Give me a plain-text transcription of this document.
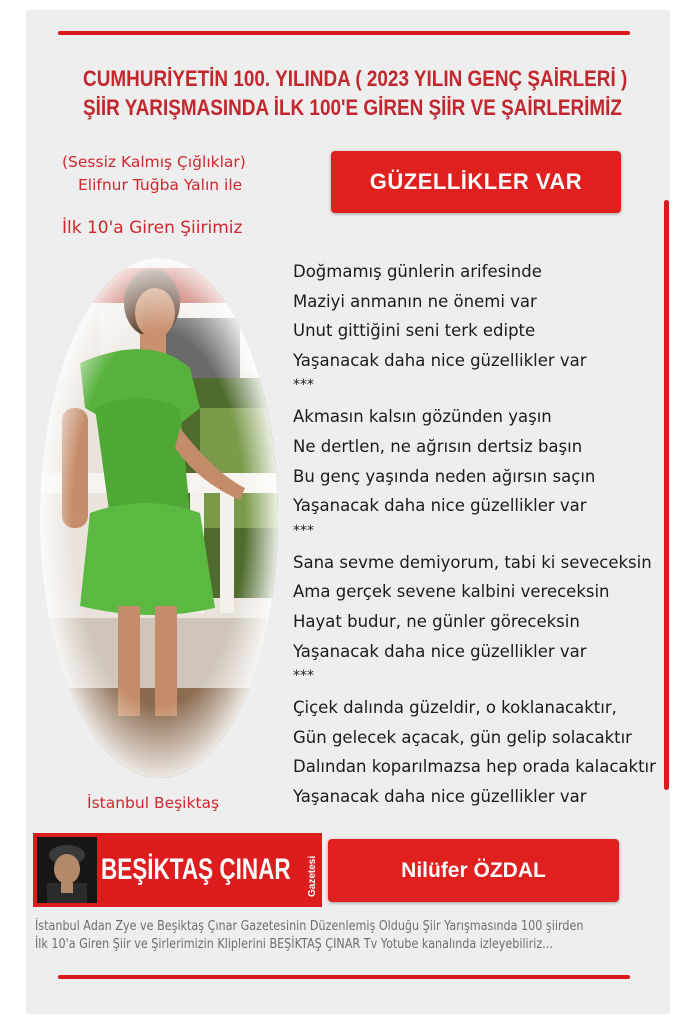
CUMHURİYETİN 100. YILINDA ( 2023 YILIN GENÇ ŞAİRLERİ )
ŞİİR YARIŞMASINDA İLK 100'E GİREN ŞİİR VE ŞAİRLERİMİZ
(Sessiz Kalmış Çığlıklar)
Elifnur Tuğba Yalın ile
İlk 10'a Giren Şiirimiz
GÜZELLİKLER VAR
Doğmamış günlerin arifesinde
Maziyi anmanın ne önemi var
Unut gittiğini seni terk edipte
Yaşanacak daha nice güzellikler var
***
Akmasın kalsın gözünden yaşın
Ne dertlen, ne ağrısın dertsiz başın
Bu genç yaşında neden ağırsın saçın
Yaşanacak daha nice güzellikler var
***
Sana sevme demiyorum, tabi ki seveceksin
Ama gerçek sevene kalbini vereceksin
Hayat budur, ne günler göreceksin
Yaşanacak daha nice güzellikler var
***
Çiçek dalında güzeldir, o koklanacaktır,
Gün gelecek açacak, gün gelip solacaktır
Dalından koparılmazsa hep orada kalacaktır
Yaşanacak daha nice güzellikler var
İstanbul Beşiktaş
BEŞİKTAŞ ÇINAR Gazetesi	Nilüfer ÖZDAL
İstanbul Adan Zye ve Beşiktaş Çınar Gazetesinin Düzenlemiş Olduğu Şiir Yarışmasında 100 şiirden
İlk 10'a Giren Şiir ve Şirlerimizin Kliplerini BEŞİKTAŞ ÇINAR Tv Yotube kanalında izleyebiliriz...
